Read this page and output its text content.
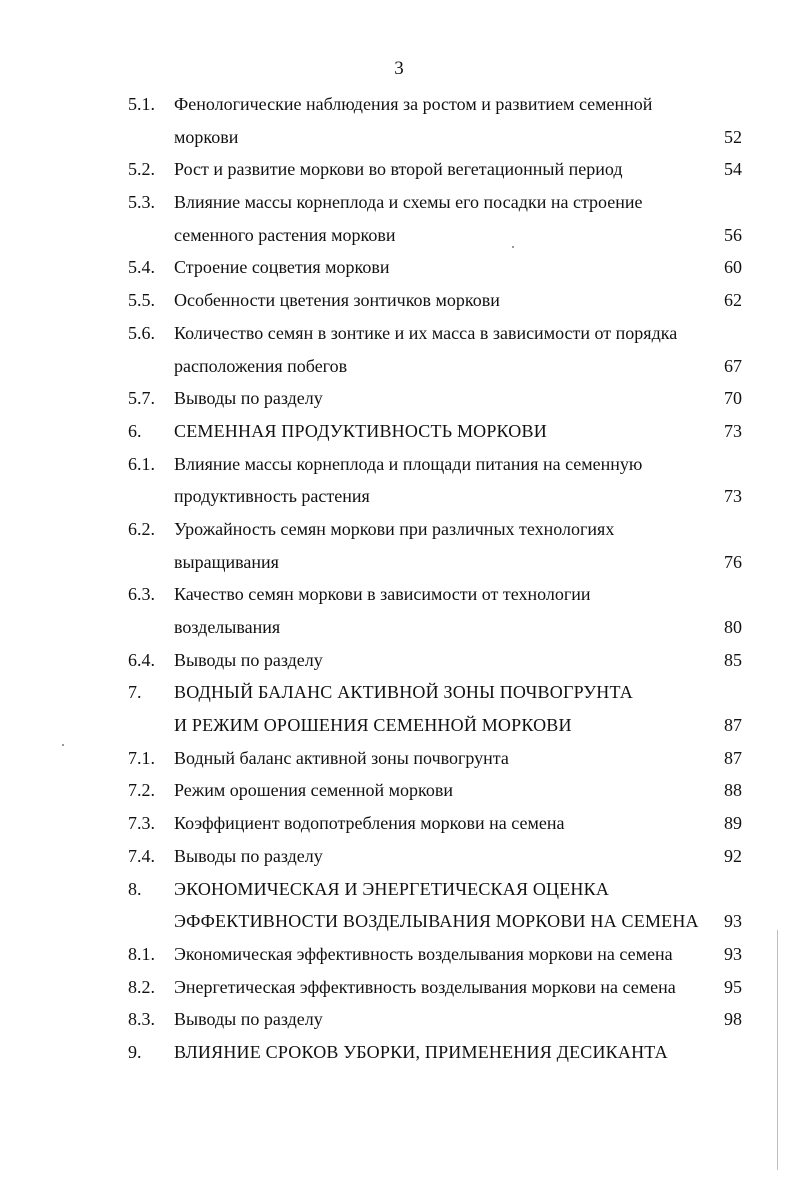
3
5.1. Фенологические наблюдения за ростом и развитием семенной
моркови	52
5.2. Рост и развитие моркови во второй вегетационный период	54
5.3. Влияние массы корнеплода и схемы его посадки на строение
семенного растения моркови	56
5.4. Строение соцветия моркови	60
5.5. Особенности цветения зонтичков моркови	62
5.6. Количество семян в зонтике и их масса в зависимости от порядка
расположения побегов	67
5.7. Выводы по разделу	70
6. СЕМЕННАЯ ПРОДУКТИВНОСТЬ МОРКОВИ	73
6.1. Влияние массы корнеплода и площади питания на семенную
продуктивность растения	73
6.2. Урожайность семян моркови при различных технологиях
выращивания	76
6.3. Качество семян моркови в зависимости от технологии
возделывания	80
6.4. Выводы по разделу	85
7. ВОДНЫЙ БАЛАНС АКТИВНОЙ ЗОНЫ ПОЧВОГРУНТА
И РЕЖИМ ОРОШЕНИЯ СЕМЕННОЙ МОРКОВИ	87
7.1. Водный баланс активной зоны почвогрунта	87
7.2. Режим орошения семенной моркови	88
7.3. Коэффициент водопотребления моркови на семена	89
7.4. Выводы по разделу	92
8. ЭКОНОМИЧЕСКАЯ И ЭНЕРГЕТИЧЕСКАЯ ОЦЕНКА
ЭФФЕКТИВНОСТИ ВОЗДЕЛЫВАНИЯ МОРКОВИ НА СЕМЕНА 93
8.1. Экономическая эффективность возделывания моркови на семена	93
8.2. Энергетическая эффективность возделывания моркови на семена	95
8.3. Выводы по разделу	98
9. ВЛИЯНИЕ СРОКОВ УБОРКИ, ПРИМЕНЕНИЯ ДЕСИКАНТА
